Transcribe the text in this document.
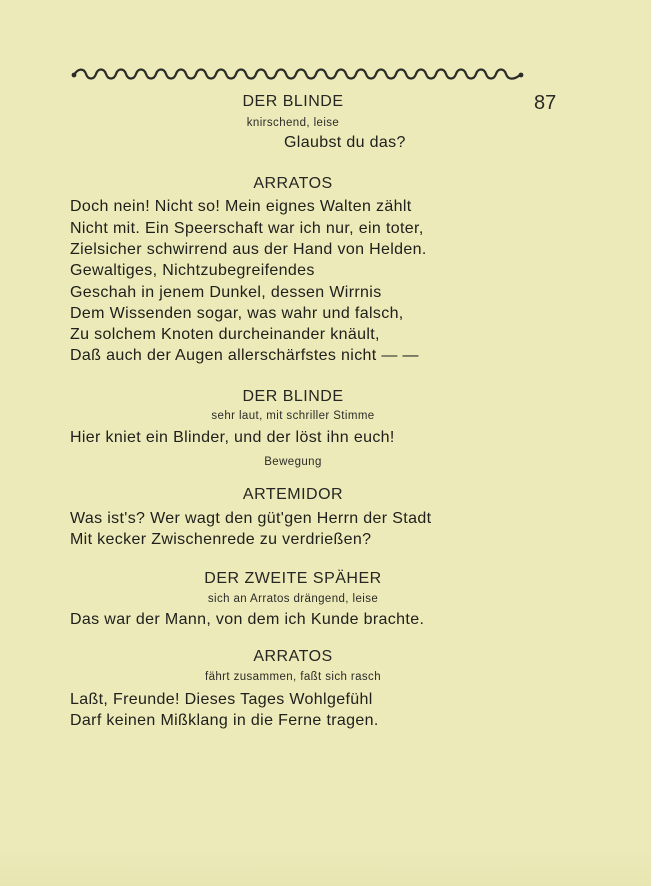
87
DER BLINDE
knirschend, leise
Glaubst du das?
ARRATOS
Doch nein! Nicht so! Mein eignes Walten zählt
Nicht mit. Ein Speerschaft war ich nur, ein toter,
Zielsicher schwirrend aus der Hand von Helden.
Gewaltiges, Nichtzubegreifendes
Geschah in jenem Dunkel, dessen Wirrnis
Dem Wissenden sogar, was wahr und falsch,
Zu solchem Knoten durcheinander knäult,
Daß auch der Augen allerschärfstes nicht — —
DER BLINDE
sehr laut, mit schriller Stimme
Hier kniet ein Blinder, und der löst ihn euch!
Bewegung
ARTEMIDOR
Was ist's? Wer wagt den güt'gen Herrn der Stadt
Mit kecker Zwischenrede zu verdrießen?
DER ZWEITE SPÄHER
sich an Arratos drängend, leise
Das war der Mann, von dem ich Kunde brachte.
ARRATOS
fährt zusammen, faßt sich rasch
Laßt, Freunde! Dieses Tages Wohlgefühl
Darf keinen Mißklang in die Ferne tragen.
